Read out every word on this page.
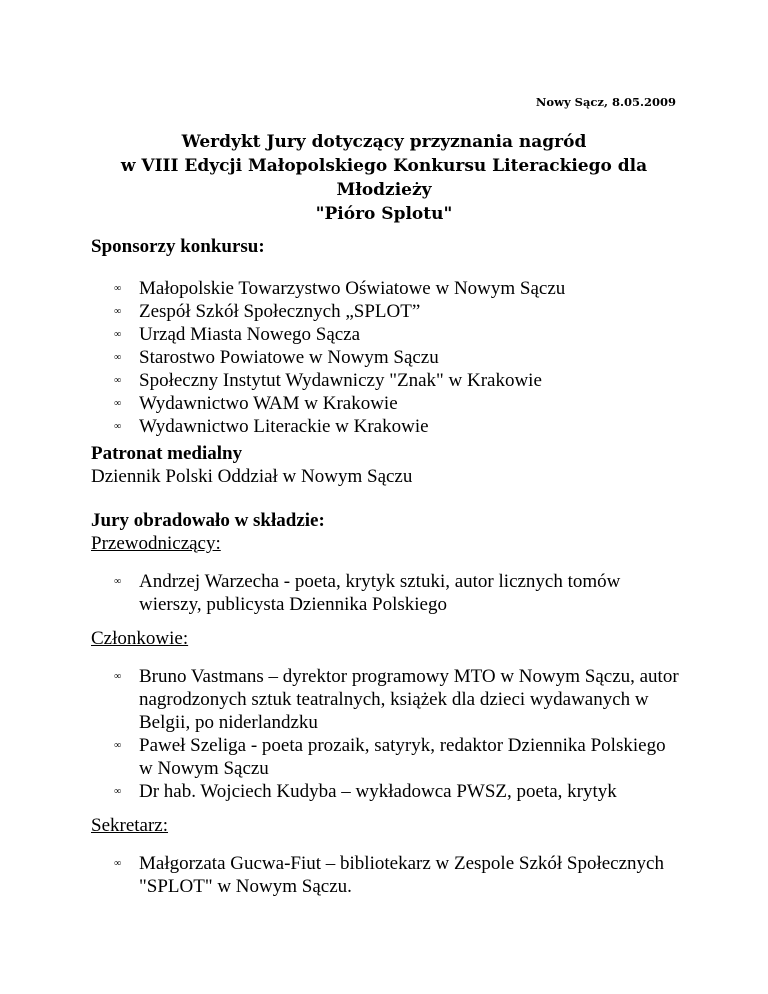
Nowy Sącz, 8.05.2009
Werdykt Jury dotyczący przyznania nagród
w VIII Edycji Małopolskiego Konkursu Literackiego dla
Młodzieży
"Pióro Splotu"
Sponsorzy konkursu:
∞ Małopolskie Towarzystwo Oświatowe w Nowym Sączu
∞ Zespół Szkół Społecznych „SPLOT”
∞ Urząd Miasta Nowego Sącza
∞ Starostwo Powiatowe w Nowym Sączu
∞ Społeczny Instytut Wydawniczy "Znak" w Krakowie
∞ Wydawnictwo WAM w Krakowie
∞ Wydawnictwo Literackie w Krakowie
Patronat medialny
Dziennik Polski Oddział w Nowym Sączu
Jury obradowało w składzie:
Przewodniczący:
∞ Andrzej Warzecha - poeta, krytyk sztuki, autor licznych tomów wierszy, publicysta Dziennika Polskiego
Członkowie:
∞ Bruno Vastmans – dyrektor programowy MTO w Nowym Sączu, autor nagrodzonych sztuk teatralnych, książek dla dzieci wydawanych w Belgii, po niderlandzku
∞ Paweł Szeliga - poeta prozaik, satyryk, redaktor Dziennika Polskiego w Nowym Sączu
∞ Dr hab. Wojciech Kudyba – wykładowca PWSZ, poeta, krytyk
Sekretarz:
∞ Małgorzata Gucwa-Fiut – bibliotekarz w Zespole Szkół Społecznych "SPLOT" w Nowym Sączu.
